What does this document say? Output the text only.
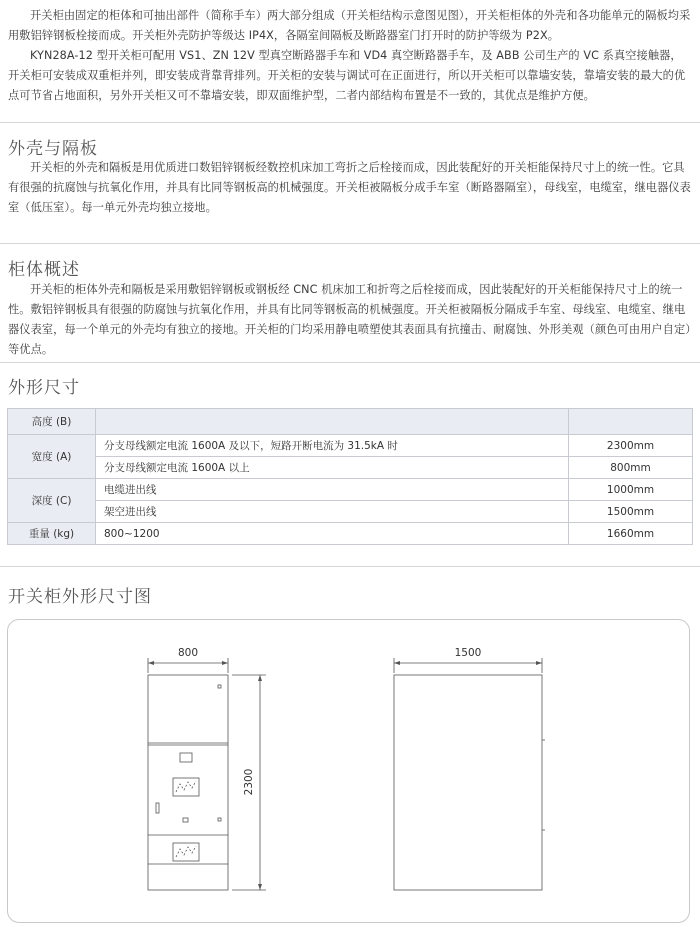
开关柜由固定的柜体和可抽出部件（简称手车）两大部分组成（开关柜结构示意图见图），开关柜柜体的外壳和各功能单元的隔板均采用敷铝锌钢板栓接而成。开关柜外壳防护等级达 IP4X，各隔室间隔板及断路器室门打开时的防护等级为 P2X。
KYN28A-12 型开关柜可配用 VS1、ZN 12V 型真空断路器手车和 VD4 真空断路器手车，及 ABB 公司生产的 VC 系真空接触器，开关柜可安装成双重柜并列，即安装成背靠背排列。开关柜的安装与调试可在正面进行，所以开关柜可以靠墙安装，靠墙安装的最大的优点可节省占地面积，另外开关柜又可不靠墙安装，即双面维护型，二者内部结构布置是不一致的，其优点是维护方便。
外壳与隔板
开关柜的外壳和隔板是用优质进口数铝锌钢板经数控机床加工弯折之后栓接而成，因此装配好的开关柜能保持尺寸上的统一性。它具有很强的抗腐蚀与抗氧化作用，并具有比同等钢板高的机械强度。开关柜被隔板分成手车室（断路器隔室），母线室，电缆室，继电器仪表室（低压室）。每一单元外壳均独立接地。
柜体概述
开关柜的柜体外壳和隔板是采用敷铝锌钢板或钢板经 CNC 机床加工和折弯之后栓接而成，因此装配好的开关柜能保持尺寸上的统一性。敷铝锌钢板具有很强的防腐蚀与抗氧化作用，并具有比同等钢板高的机械强度。开关柜被隔板分隔成手车室、母线室、电缆室、继电器仪表室，每一个单元的外壳均有独立的接地。开关柜的门均采用静电喷塑使其表面具有抗撞击、耐腐蚀、外形美观（颜色可由用户自定）等优点。
外形尺寸
高度 (B)		
宽度 (A)	分支母线额定电流 1600A 及以下，短路开断电流为 31.5kA 时	2300mm
	分支母线额定电流 1600A 以上	800mm
深度 (C)	电缆进出线	1000mm
	架空进出线	1500mm
重量 (kg)	800~1200	1660mm
开关柜外形尺寸图
800
2300
1500
